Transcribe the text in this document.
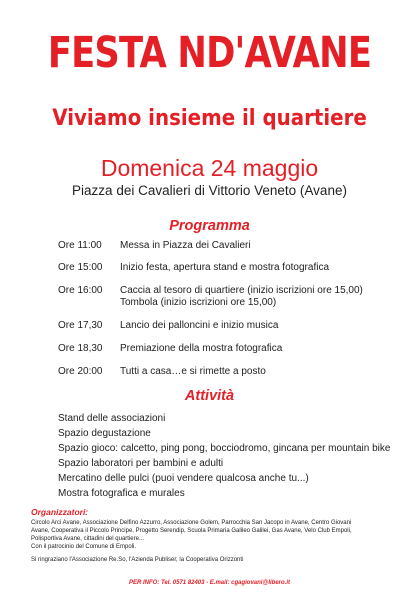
FESTA ND'AVANE
Viviamo insieme il quartiere
Domenica 24 maggio
Piazza dei Cavalieri di Vittorio Veneto (Avane)
Programma
Ore 11:00	Messa in Piazza dei Cavalieri
Ore 15:00	Inizio festa, apertura stand e mostra fotografica
Ore 16:00	Caccia al tesoro di quartiere (inizio iscrizioni ore 15,00)
Tombola (inizio iscrizioni ore 15,00)
Ore 17,30	Lancio dei palloncini e inizio musica
Ore 18,30	Premiazione della mostra fotografica
Ore 20:00	Tutti a casa…e si rimette a posto
Attività
Stand delle associazioni
Spazio degustazione
Spazio gioco: calcetto, ping pong, bocciodromo, gincana per mountain bike
Spazio laboratori per bambini e adulti
Mercatino delle pulci (puoi vendere qualcosa anche tu...)
Mostra fotografica e murales
Organizzatori:
Circolo Arci Avane, Associazione Delfino Azzurro, Associazione Golem, Parrocchia San Jacopo in Avane, Centro Giovani
Avane, Cooperativa il Piccolo Principe, Progetto Serendip, Scuola Primaria Galileo Galilei, Gas Avane, Velo Club Empoli,
Polisportiva Avane, cittadini del quartiere...
Con il patrocinio del Comune di Empoli.
Si ringraziano l'Associazione Re.So, l'Azienda Publiser, la Cooperativa Orizzonti
PER INFO: Tel. 0571 82403 - E.mail: cgagiovani@libero.it
